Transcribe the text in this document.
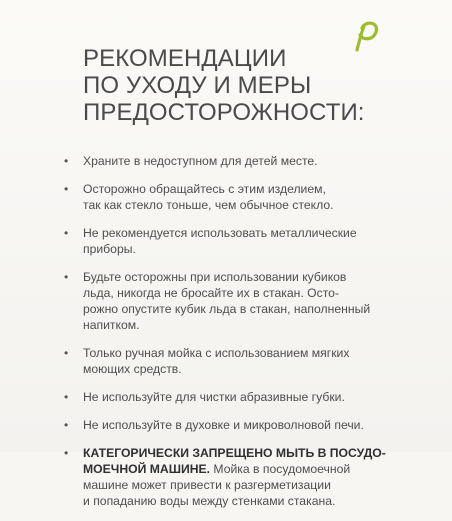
РЕКОМЕНДАЦИИ
ПО УХОДУ И МЕРЫ
ПРЕДОСТОРОЖНОСТИ:
• Храните в недоступном для детей месте.
• Осторожно обращайтесь с этим изделием,
так как стекло тоньше, чем обычное стекло.
• Не рекомендуется использовать металлические
приборы.
• Будьте осторожны при использовании кубиков
льда, никогда не бросайте их в стакан. Осто-
рожно опустите кубик льда в стакан, наполненный
напитком.
• Только ручная мойка с использованием мягких
моющих средств.
• Не используйте для чистки абразивные губки.
• Не используйте в духовке и микроволновой печи.
• КАТЕГОРИЧЕСКИ ЗАПРЕЩЕНО МЫТЬ В ПОСУДО-
МОЕЧНОЙ МАШИНЕ. Мойка в посудомоечной
машине может привести к разгерметизации
и попаданию воды между стенками стакана.
